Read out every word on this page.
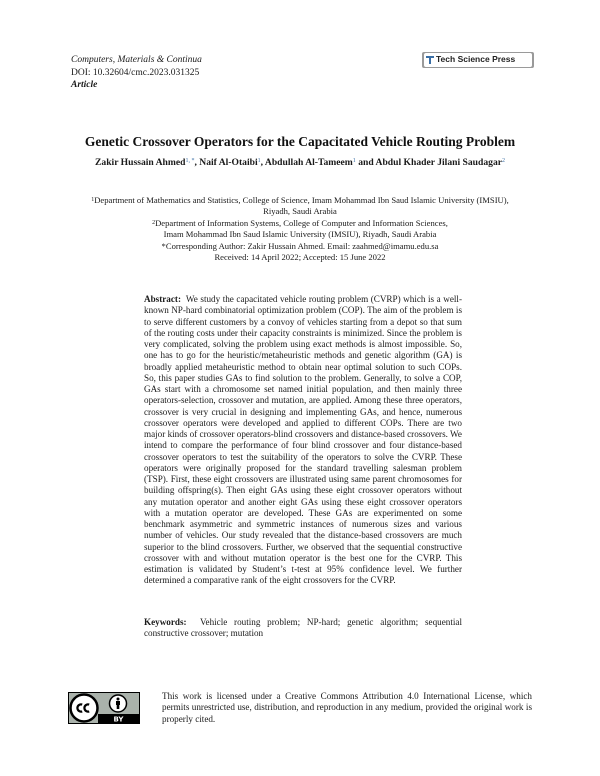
Computers, Materials & Continua
DOI: 10.32604/cmc.2023.031325
Article
Tech Science Press
Genetic Crossover Operators for the Capacitated Vehicle Routing Problem
Zakir Hussain Ahmed$^{1, *}$, Naif Al-Otaibi$^1$, Abdullah Al-Tameem$^1$ and Abdul Khader Jilani Saudagar$^2$
$^1$Department of Mathematics and Statistics, College of Science, Imam Mohammad Ibn Saud Islamic University (IMSIU),
Riyadh, Saudi Arabia
$^2$Department of Information Systems, College of Computer and Information Sciences,
Imam Mohammad Ibn Saud Islamic University (IMSIU), Riyadh, Saudi Arabia
*Corresponding Author: Zakir Hussain Ahmed. Email: zaahmed@imamu.edu.sa
Received: 14 April 2022; Accepted: 15 June 2022
Abstract: We study the capacitated vehicle routing problem (CVRP) which is a well-known NP-hard combinatorial optimization problem (COP). The aim of the problem is to serve different customers by a convoy of vehicles starting from a depot so that sum of the routing costs under their capacity constraints is minimized. Since the problem is very complicated, solving the problem using exact methods is almost impossible. So, one has to go for the heuristic/metaheuristic methods and genetic algorithm (GA) is broadly applied metaheuristic method to obtain near optimal solution to such COPs. So, this paper studies GAs to find solution to the problem. Generally, to solve a COP, GAs start with a chromosome set named initial population, and then mainly three operators-selection, crossover and mutation, are applied. Among these three operators, crossover is very crucial in designing and implementing GAs, and hence, numerous crossover operators were developed and applied to different COPs. There are two major kinds of crossover operators-blind crossovers and distance-based crossovers. We intend to compare the performance of four blind crossover and four distance-based crossover operators to test the suitability of the operators to solve the CVRP. These operators were originally proposed for the standard travelling salesman problem (TSP). First, these eight crossovers are illustrated using same parent chromosomes for building offspring(s). Then eight GAs using these eight crossover operators without any mutation operator and another eight GAs using these eight crossover operators with a mutation operator are developed. These GAs are experimented on some benchmark asymmetric and symmetric instances of numerous sizes and various number of vehicles. Our study revealed that the distance-based crossovers are much superior to the blind crossovers. Further, we observed that the sequential constructive crossover with and without mutation operator is the best one for the CVRP. This estimation is validated by Student’s t-test at 95% confidence level. We further determined a comparative rank of the eight crossovers for the CVRP.
Keywords: Vehicle routing problem; NP-hard; genetic algorithm; sequential constructive crossover; mutation
BY
This work is licensed under a Creative Commons Attribution 4.0 International License, which permits unrestricted use, distribution, and reproduction in any medium, provided the original work is properly cited.
